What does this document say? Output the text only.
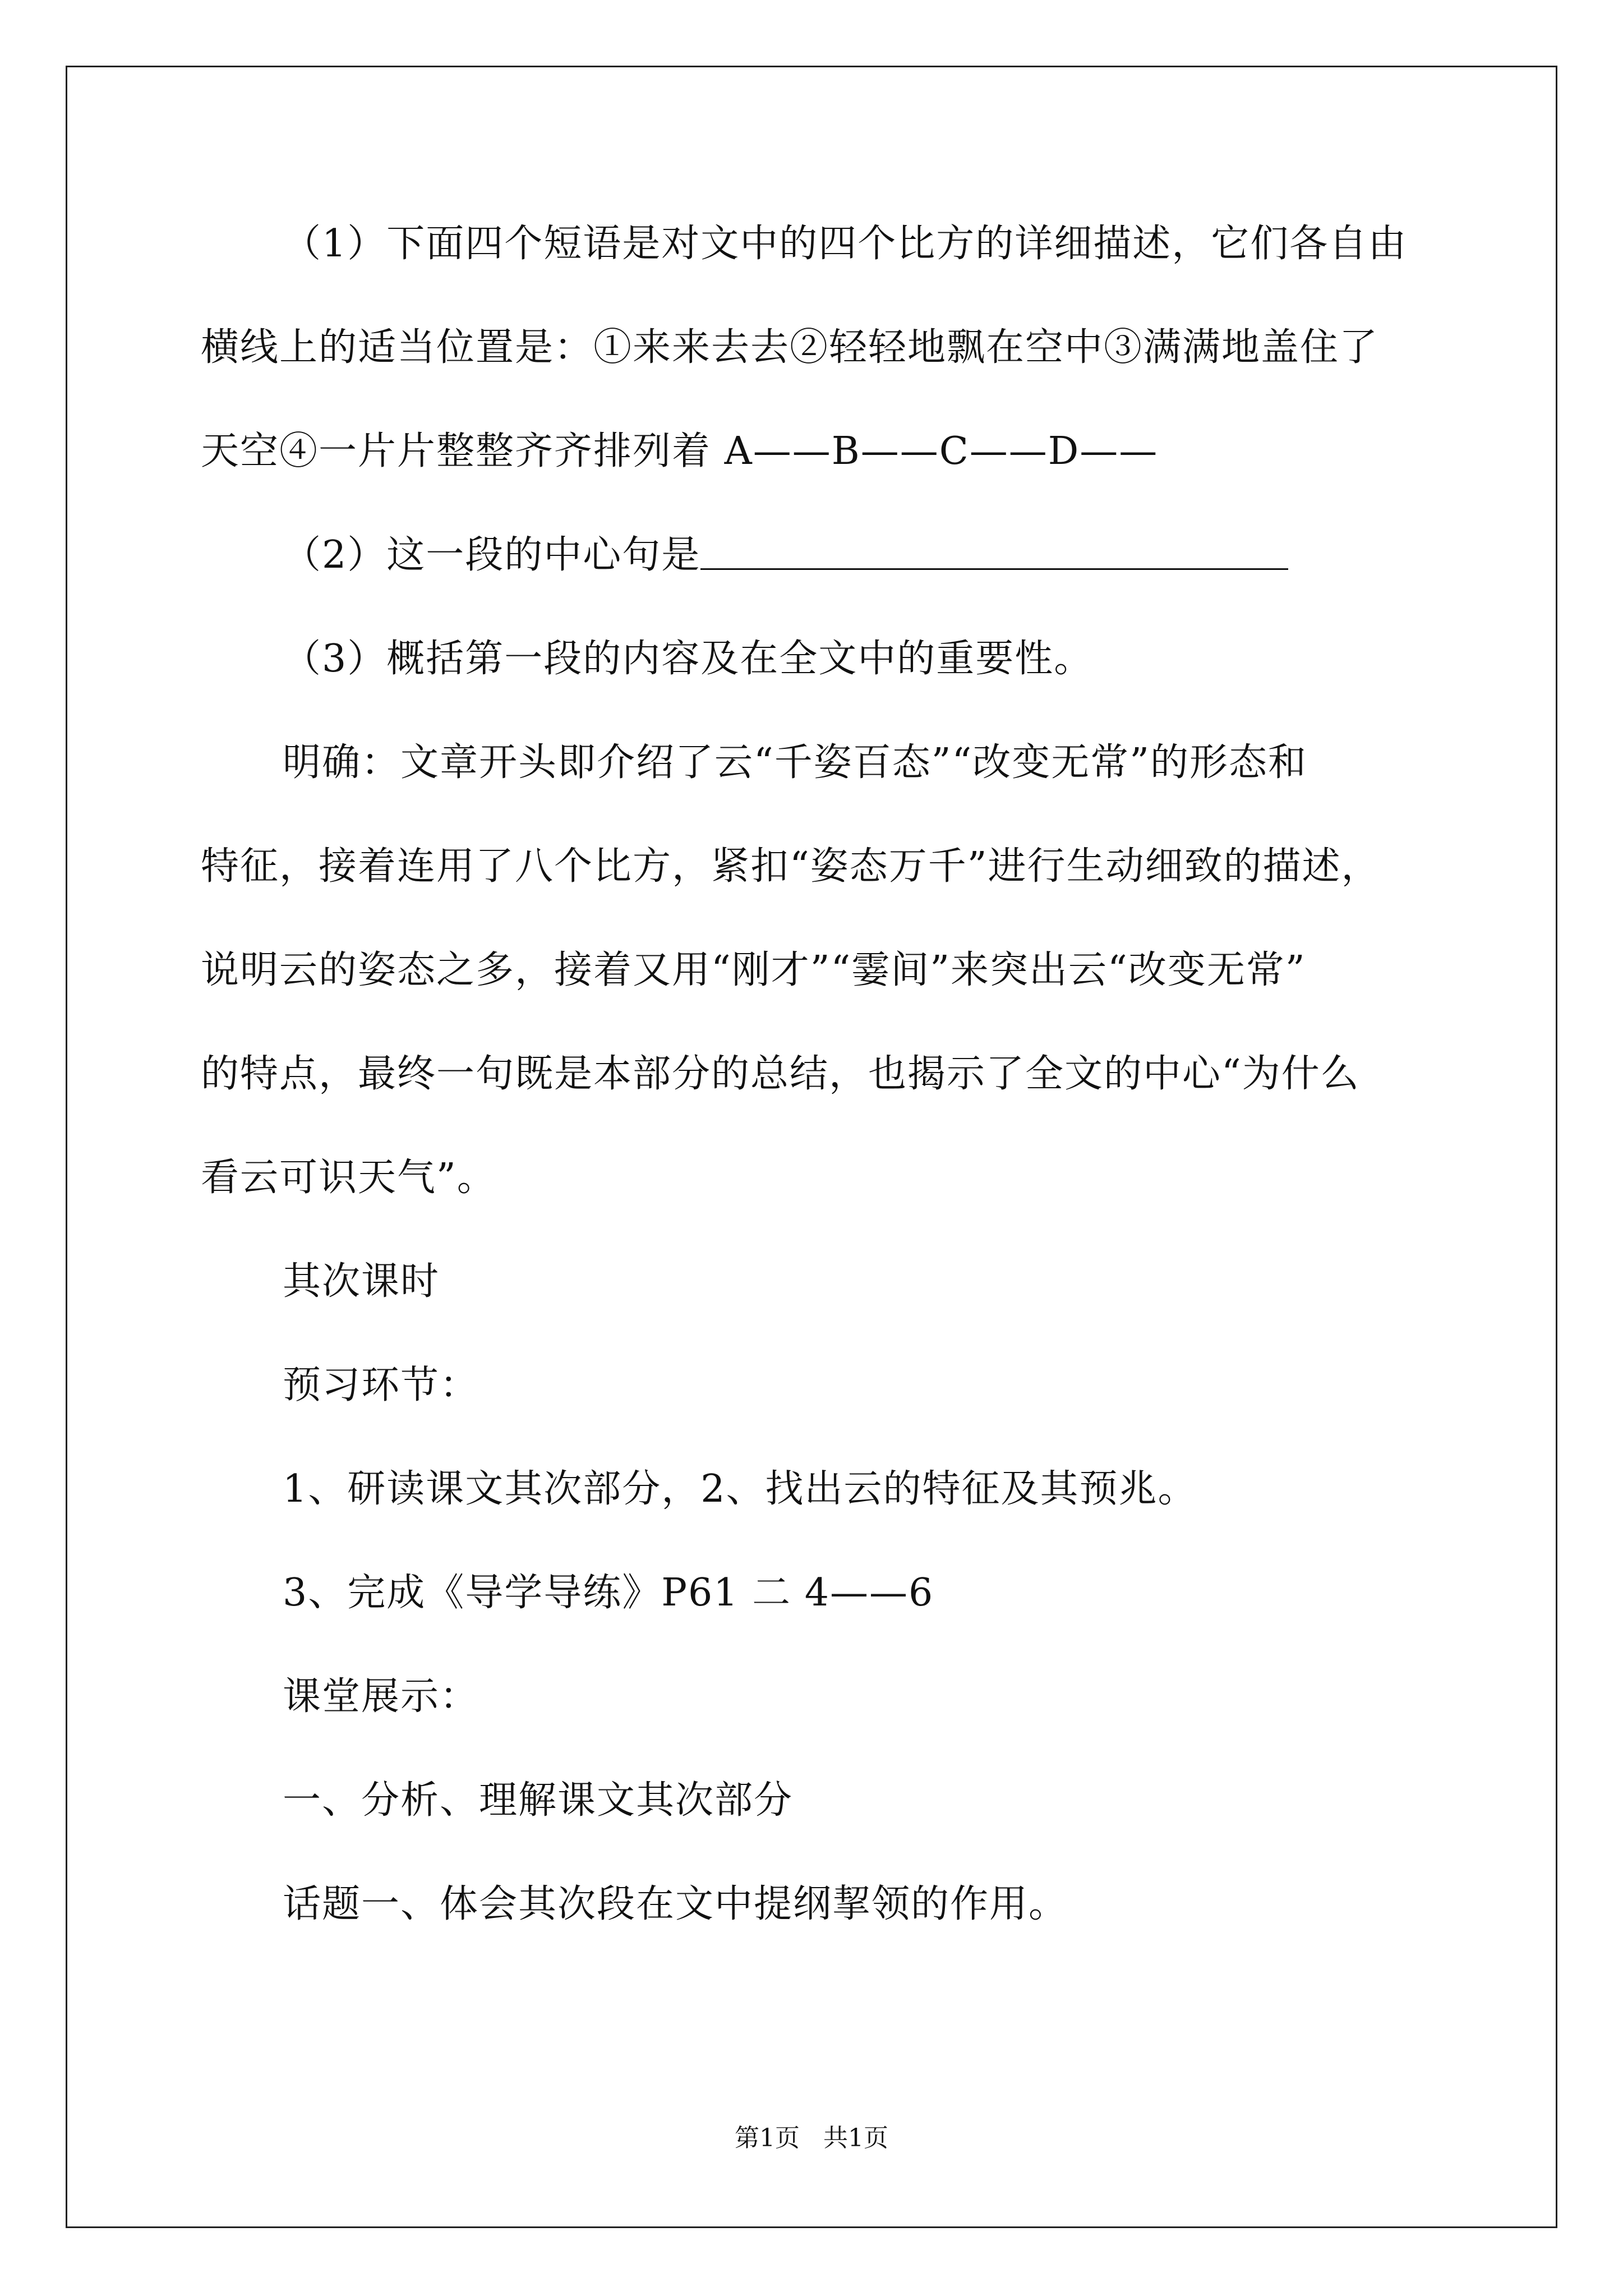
（1）下面四个短语是对文中的四个比方的详细描述，它们各自由
横线上的适当位置是：①来来去去②轻轻地飘在空中③满满地盖住了
天空④一片片整整齐齐排列着 A——B——C——D——
（2）这一段的中心句是
（3）概括第一段的内容及在全文中的重要性。
明确：文章开头即介绍了云“千姿百态”“改变无常”的形态和
特征，接着连用了八个比方，紧扣“姿态万千”进行生动细致的描述，
说明云的姿态之多，接着又用“刚才”“霎间”来突出云“改变无常”
的特点，最终一句既是本部分的总结，也揭示了全文的中心“为什么
看云可识天气”。
其次课时
预习环节：
1、研读课文其次部分，2、找出云的特征及其预兆。
3、完成《导学导练》P61 二 4——6
课堂展示：
一、分析、理解课文其次部分
话题一、体会其次段在文中提纲挈领的作用。
第1页   共1页
